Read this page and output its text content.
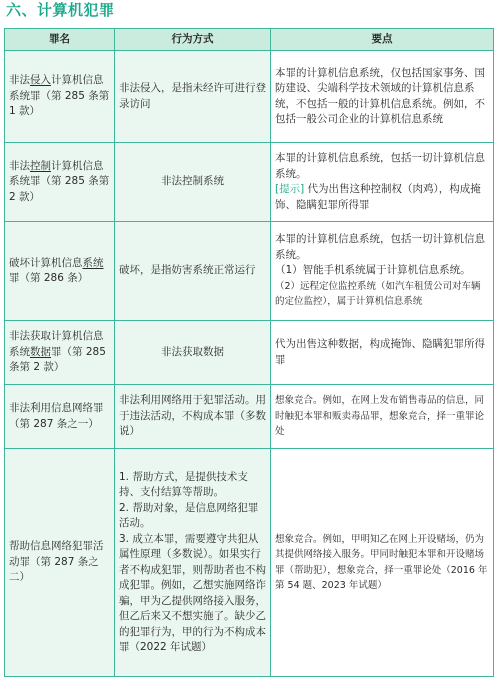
六、计算机犯罪
罪名	行为方式	要点
非法侵入计算机信息系统罪（第 285 条第 1 款）	非法侵入，是指未经许可进行登录访问	本罪的计算机信息系统，仅包括国家事务、国防建设、尖端科学技术领域的计算机信息系统，不包括一般的计算机信息系统。例如，不包括一般公司企业的计算机信息系统
非法控制计算机信息系统罪（第 285 条第 2 款）	非法控制系统	本罪的计算机信息系统，包括一切计算机信息系统。

[提示] 代为出售这种控制权（肉鸡），构成掩饰、隐瞒犯罪所得罪

破坏计算机信息系统罪（第 286 条）	破坏，是指妨害系统正常运行	本罪的计算机信息系统，包括一切计算机信息系统。

（1）智能手机系统属于计算机信息系统。

（2）远程定位监控系统（如汽车租赁公司对车辆的定位监控），属于计算机信息系统

非法获取计算机信息系统数据罪（第 285 条第 2 款）	非法获取数据	代为出售这种数据，构成掩饰、隐瞒犯罪所得罪
非法利用信息网络罪（第 287 条之一）	非法利用网络用于犯罪活动。用于违法活动，不构成本罪（多数说）	想象竞合。例如，在网上发布销售毒品的信息，同时触犯本罪和贩卖毒品罪，想象竞合，择一重罪论处
帮助信息网络犯罪活动罪（第 287 条之二）	1. 帮助方式，是提供技术支持、支付结算等帮助。

2. 帮助对象，是信息网络犯罪活动。

3. 成立本罪，需要遵守共犯从属性原理（多数说）。如果实行者不构成犯罪，则帮助者也不构成犯罪。例如，乙想实施网络诈骗，甲为乙提供网络接入服务，但乙后来又不想实施了。缺少乙的犯罪行为，甲的行为不构成本罪（2022 年试题）	想象竞合。例如，甲明知乙在网上开设赌场，仍为其提供网络接入服务。甲同时触犯本罪和开设赌场罪（帮助犯），想象竞合，择一重罪论处（2016 年第 54 题、2023 年试题）
